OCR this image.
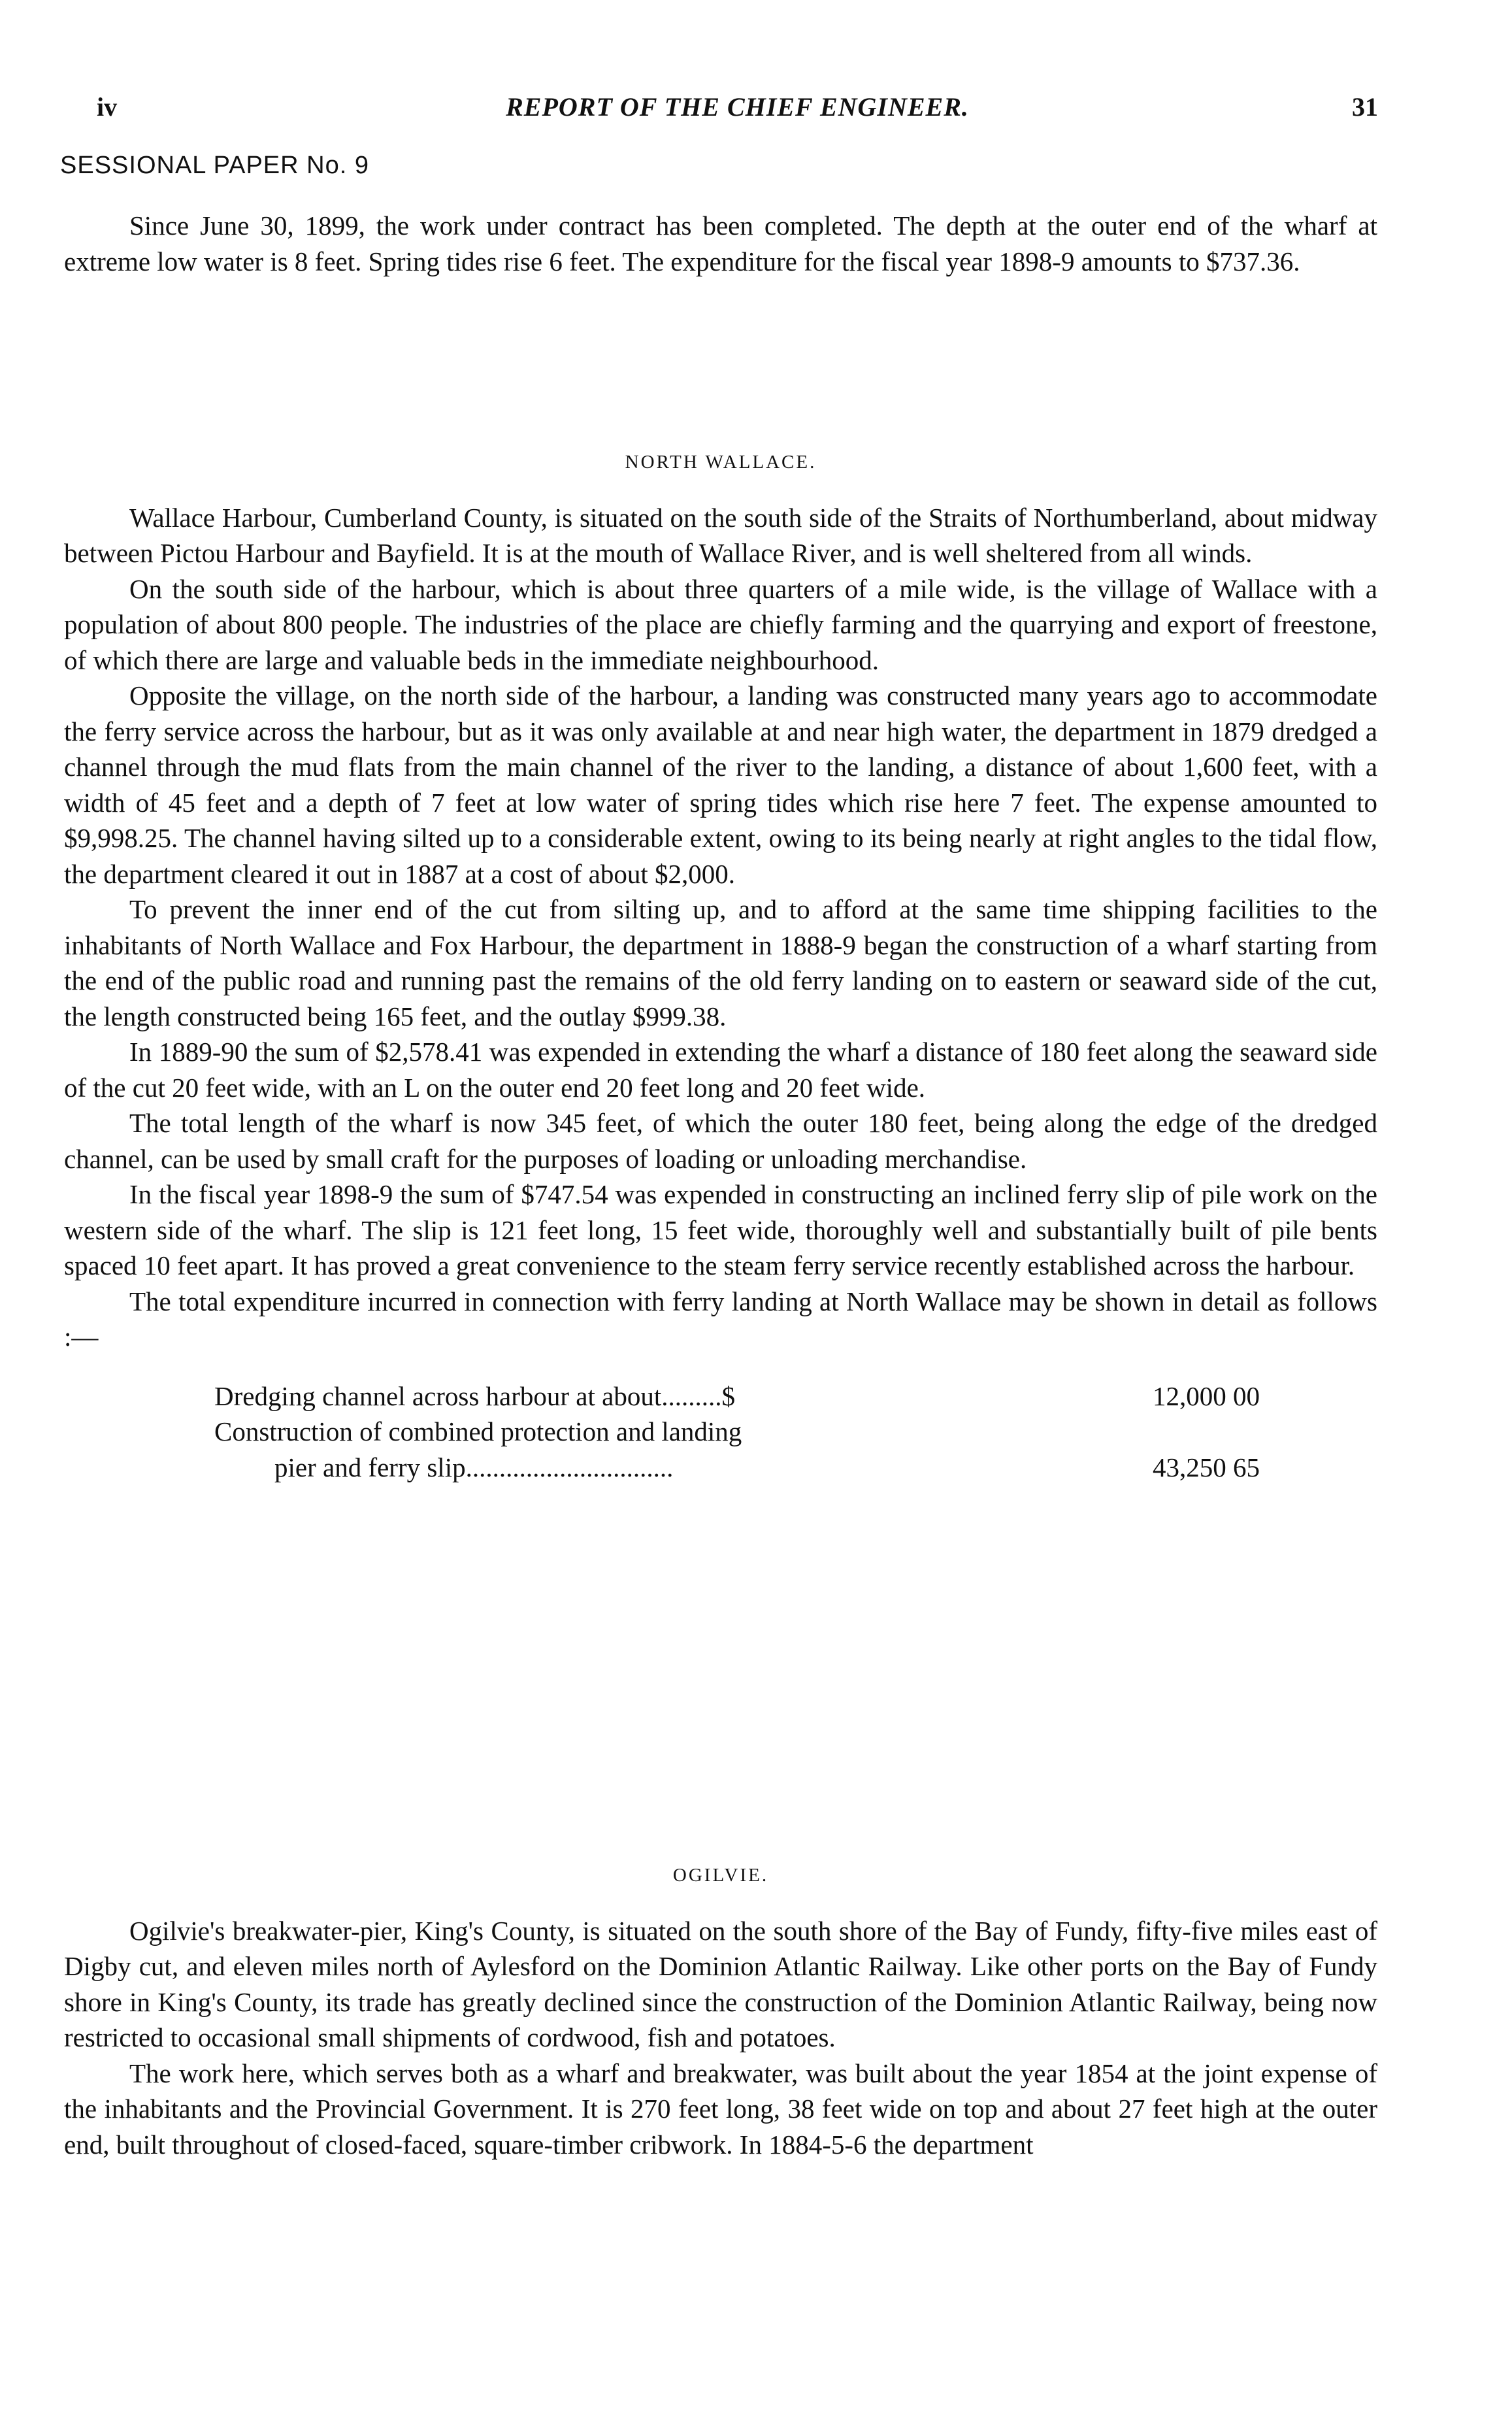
iv	REPORT OF THE CHIEF ENGINEER.	31
SESSIONAL PAPER No. 9

Since June 30, 1899, the work under contract has been completed. The depth at the outer end of the wharf at extreme low water is 8 feet. Spring tides rise 6 feet. The expenditure for the fiscal year 1898-9 amounts to $737.36.

NORTH WALLACE.

Wallace Harbour, Cumberland County, is situated on the south side of the Straits of Northumberland, about midway between Pictou Harbour and Bayfield. It is at the mouth of Wallace River, and is well sheltered from all winds.

On the south side of the harbour, which is about three quarters of a mile wide, is the village of Wallace with a population of about 800 people. The industries of the place are chiefly farming and the quarrying and export of freestone, of which there are large and valuable beds in the immediate neighbourhood.

Opposite the village, on the north side of the harbour, a landing was constructed many years ago to accommodate the ferry service across the harbour, but as it was only available at and near high water, the department in 1879 dredged a channel through the mud flats from the main channel of the river to the landing, a distance of about 1,600 feet, with a width of 45 feet and a depth of 7 feet at low water of spring tides which rise here 7 feet. The expense amounted to $9,998.25. The channel having silted up to a considerable extent, owing to its being nearly at right angles to the tidal flow, the department cleared it out in 1887 at a cost of about $2,000.

To prevent the inner end of the cut from silting up, and to afford at the same time shipping facilities to the inhabitants of North Wallace and Fox Harbour, the department in 1888-9 began the construction of a wharf starting from the end of the public road and running past the remains of the old ferry landing on to eastern or seaward side of the cut, the length constructed being 165 feet, and the outlay $999.38.

In 1889-90 the sum of $2,578.41 was expended in extending the wharf a distance of 180 feet along the seaward side of the cut 20 feet wide, with an L on the outer end 20 feet long and 20 feet wide.

The total length of the wharf is now 345 feet, of which the outer 180 feet, being along the edge of the dredged channel, can be used by small craft for the purposes of loading or unloading merchandise.

In the fiscal year 1898-9 the sum of $747.54 was expended in constructing an inclined ferry slip of pile work on the western side of the wharf. The slip is 121 feet long, 15 feet wide, thoroughly well and substantially built of pile bents spaced 10 feet apart. It has proved a great convenience to the steam ferry service recently established across the harbour.

The total expenditure incurred in connection with ferry landing at North Wallace may be shown in detail as follows :—

Dredging channel across harbour at about.........$	12,000 00
Construction of combined protection and landing
pier and ferry slip...............................	43,250 65
OGILVIE.

Ogilvie's breakwater-pier, King's County, is situated on the south shore of the Bay of Fundy, fifty-five miles east of Digby cut, and eleven miles north of Aylesford on the Dominion Atlantic Railway. Like other ports on the Bay of Fundy shore in King's County, its trade has greatly declined since the construction of the Dominion Atlantic Railway, being now restricted to occasional small shipments of cordwood, fish and potatoes.

The work here, which serves both as a wharf and breakwater, was built about the year 1854 at the joint expense of the inhabitants and the Provincial Government. It is 270 feet long, 38 feet wide on top and about 27 feet high at the outer end, built throughout of closed-faced, square-timber cribwork. In 1884-5-6 the department
